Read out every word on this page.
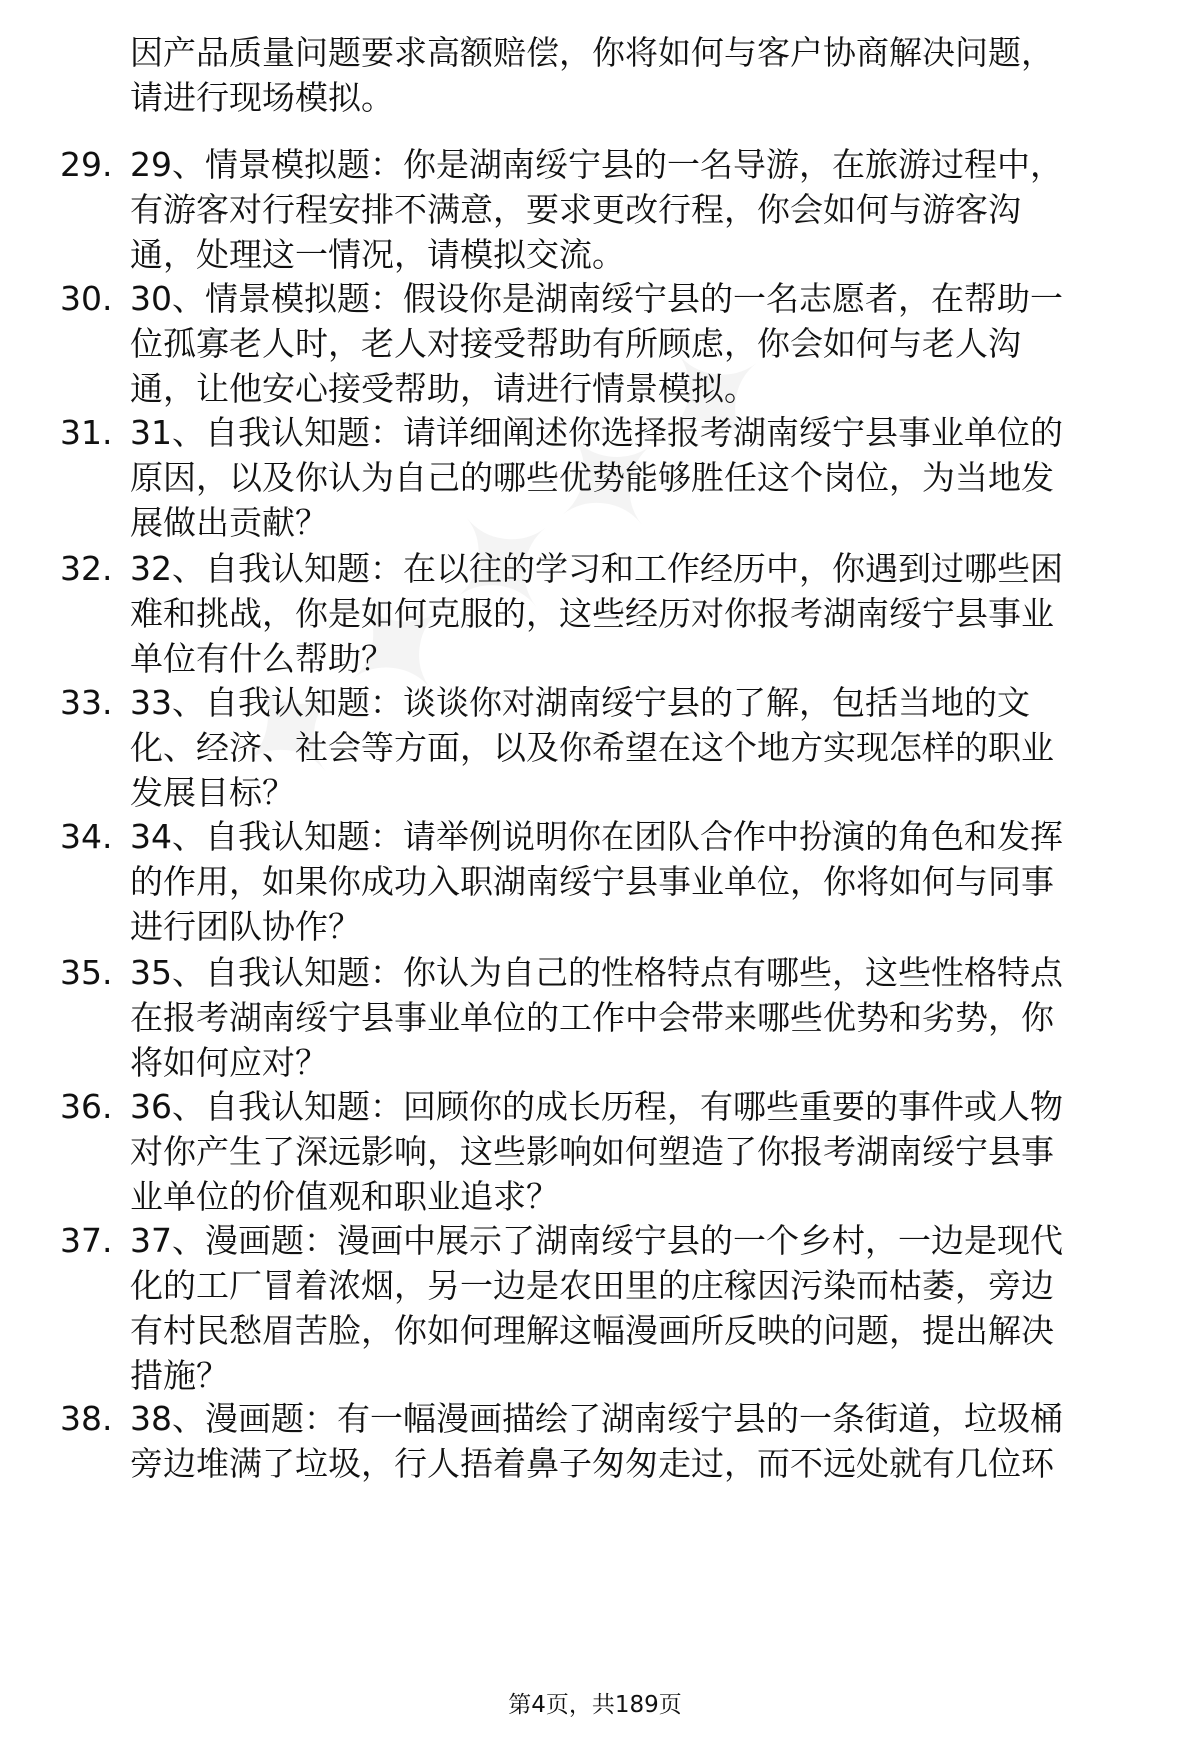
因产品质量问题要求高额赔偿，你将如何与客户协商解决问题，
请进行现场模拟。
29. 29、情景模拟题：你是湖南绥宁县的一名导游，在旅游过程中，
有游客对行程安排不满意，要求更改行程，你会如何与游客沟
通，处理这一情况，请模拟交流。
30. 30、情景模拟题：假设你是湖南绥宁县的一名志愿者，在帮助一
位孤寡老人时，老人对接受帮助有所顾虑，你会如何与老人沟
通，让他安心接受帮助，请进行情景模拟。
31. 31、自我认知题：请详细阐述你选择报考湖南绥宁县事业单位的
原因，以及你认为自己的哪些优势能够胜任这个岗位，为当地发
展做出贡献？
32. 32、自我认知题：在以往的学习和工作经历中，你遇到过哪些困
难和挑战，你是如何克服的，这些经历对你报考湖南绥宁县事业
单位有什么帮助？
33. 33、自我认知题：谈谈你对湖南绥宁县的了解，包括当地的文
化、经济、社会等方面，以及你希望在这个地方实现怎样的职业
发展目标？
34. 34、自我认知题：请举例说明你在团队合作中扮演的角色和发挥
的作用，如果你成功入职湖南绥宁县事业单位，你将如何与同事
进行团队协作？
35. 35、自我认知题：你认为自己的性格特点有哪些，这些性格特点
在报考湖南绥宁县事业单位的工作中会带来哪些优势和劣势，你
将如何应对？
36. 36、自我认知题：回顾你的成长历程，有哪些重要的事件或人物
对你产生了深远影响，这些影响如何塑造了你报考湖南绥宁县事
业单位的价值观和职业追求？
37. 37、漫画题：漫画中展示了湖南绥宁县的一个乡村，一边是现代
化的工厂冒着浓烟，另一边是农田里的庄稼因污染而枯萎，旁边
有村民愁眉苦脸，你如何理解这幅漫画所反映的问题，提出解决
措施？
38. 38、漫画题：有一幅漫画描绘了湖南绥宁县的一条街道，垃圾桶
旁边堆满了垃圾，行人捂着鼻子匆匆走过，而不远处就有几位环
第4页，共189页
